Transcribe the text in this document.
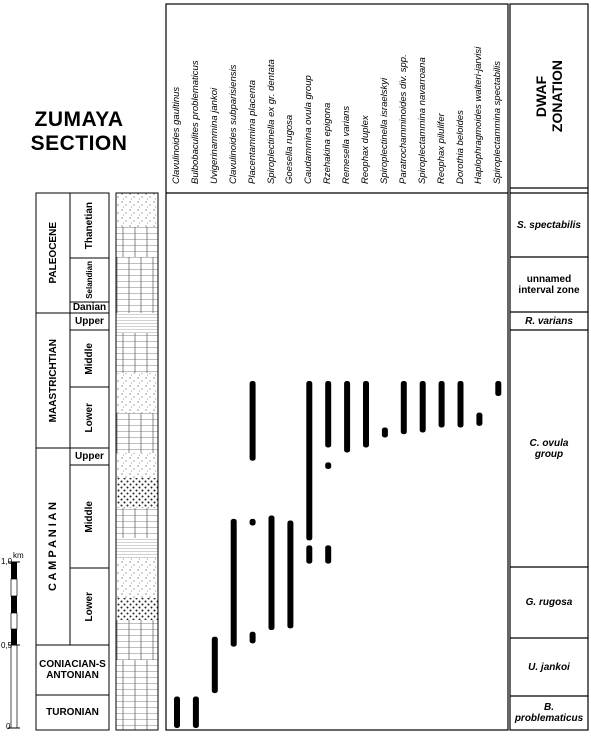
ZUMAYA
SECTION
km
1,0
0,5
0
PALEOCENE
MAASTRICHTIAN
C A M P A N I A N
CONIACIAN-SANTONIAN
TURONIAN
Thanetian
Selandian
Danian
Upper
Middle
Lower
Upper
Middle
Lower
DWAF
ZONATION
S. spectabilis
unnamed interval zone
R. varians
C. ovula group
G. rugosa
U. jankoi
B. problematicus
Clavulinoides gaultinus Bulbobaculites problematicus Uvigerinammina jankoi Clavulinoides subparisiensis Placentammina placenta Spiroplectinella ex gr. dentata Goesella rugosa Caudammina ovula group Rzehakina epigona Remesella varians Reophax duplex Spiroplectinella israelskyi Paratrochamminoides div. spp. Spiroplectammina navarroana Reophax pilulifer Dorothia beloides Haplophragmoides walteri-jarvisi Spiroplectammina spectabilis
